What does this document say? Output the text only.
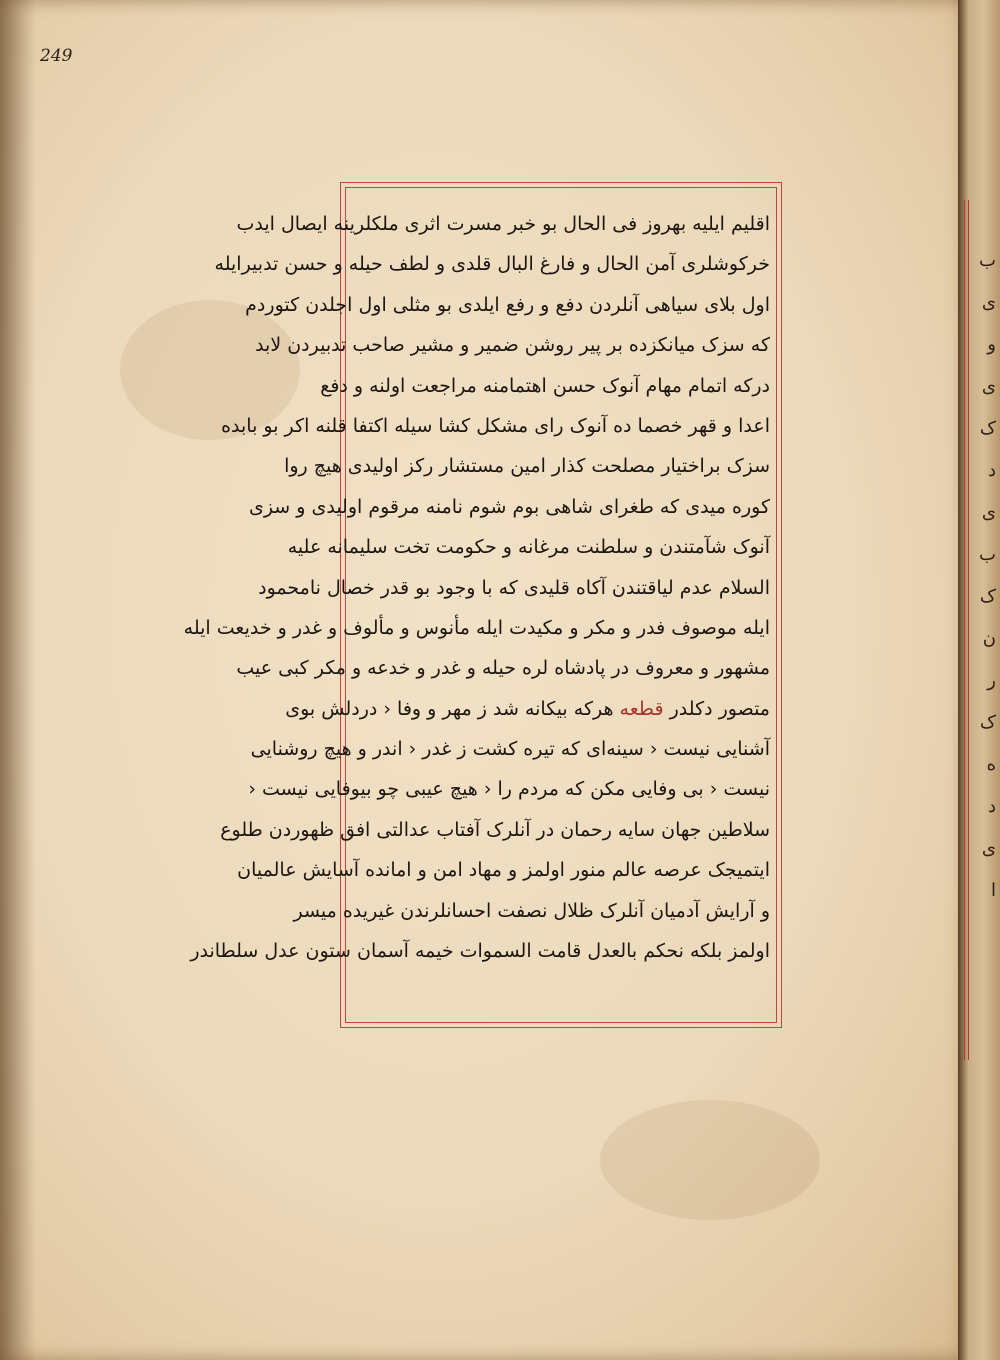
249
اقلیم ایلیه بهروز فی الحال بو خبر مسرت اثری ملکلرینه ایصال ایدب
خرکوشلری آمن الحال و فارغ البال قلدی و لطف حیله و حسن تدبیرایله
اول بلای سیاهی آنلردن دفع و رفع ایلدی بو مثلی اول اجلدن کتوردم
که سزک میانکزده بر پیر روشن ضمیر و مشیر صاحب تدبیردن لابد
درکه اتمام مهام آنوک حسن اهتمامنه مراجعت اولنه و دفع
اعدا و قهر خصما ده آنوک رای مشکل کشا سیله اکتفا قلنه اکر بو بابده
سزک براختیار مصلحت کذار امین مستشار رکز اولیدی هیچ روا
کوره میدی که طغرای شاهی بوم شوم نامنه مرقوم اولیدی و سزی
آنوک شآمتندن و سلطنت مرغانه و حکومت تخت سلیمانه علیه
السلام عدم لیاقتندن آکاه قلیدی که با وجود بو قدر خصال نامحمود
ایله موصوف فدر و مکر و مکیدت ایله مأنوس و مألوف و غدر و خدیعت ایله
مشهور و معروف در پادشاه لره حیله و غدر و خدعه و مکر کبی عیب
متصور دکلدر قطعه هرکه بیکانه شد ز مهر و وفا ‹ دردلش بوی
آشنایی نیست ‹ سینه‌ای که تیره کشت ز غدر ‹ اندر و هیچ روشنایی
نیست ‹ بی وفایی مکن که مردم را ‹ هیچ عیبی چو بیوفایی نیست ‹
سلاطین جهان سایه رحمان در آنلرک آفتاب عدالتی افق ظهوردن طلوع
ایتمیجک عرصه عالم منور اولمز و مهاد امن و امانده آسایش عالمیان
و آرایش آدمیان آنلرک ظلال نصفت احسانلرندن غیریده میسر
اولمز بلکه نحکم بالعدل قامت السموات خیمه آسمان ستون عدل سلطاندر
ب
ی
و
ی
ک
د
ی
ب
ک
ن
ر
ک
ه
د
ی
ا
